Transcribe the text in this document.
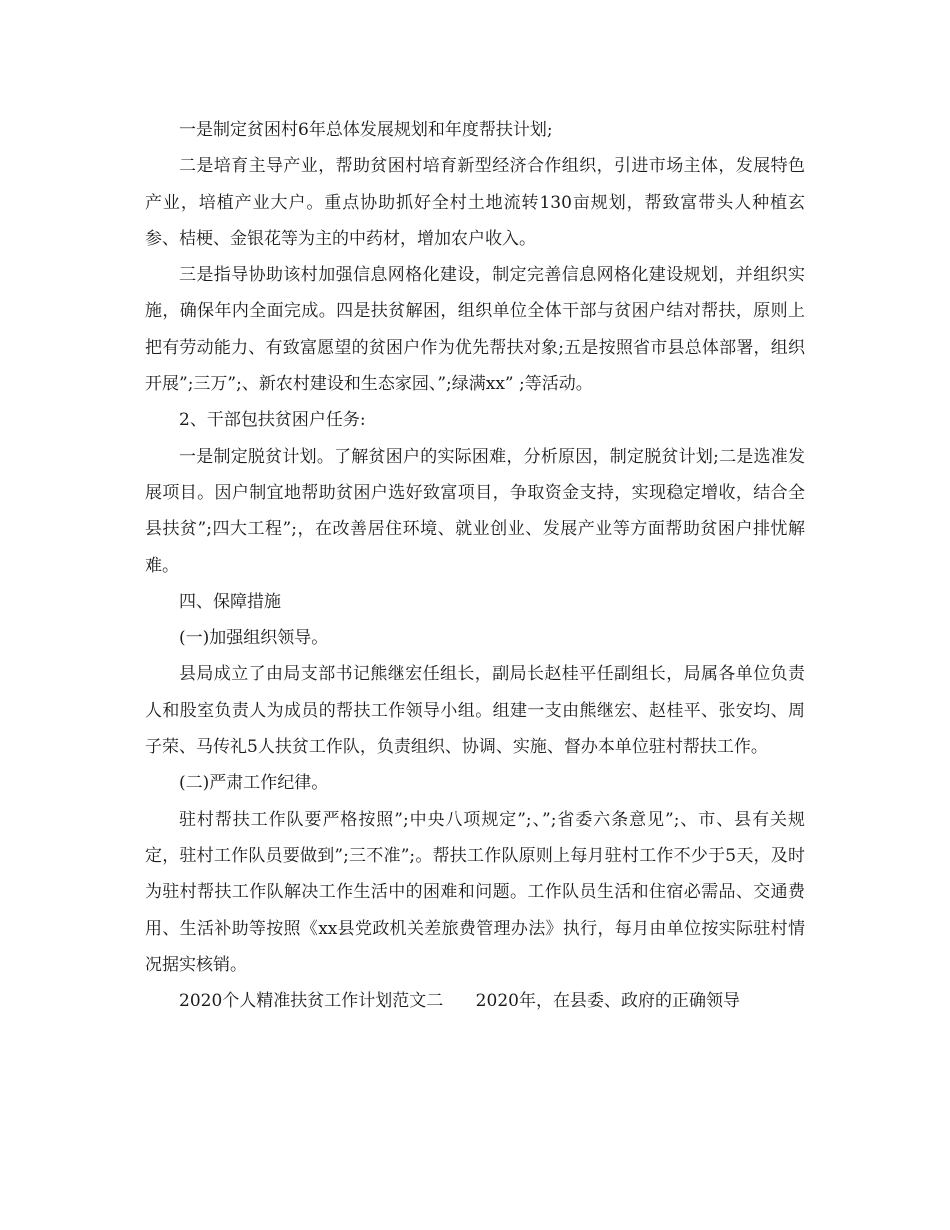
一是制定贫困村6年总体发展规划和年度帮扶计划;

二是培育主导产业，帮助贫困村培育新型经济合作组织，引进市场主体，发展特色产业，培植产业大户。重点协助抓好全村土地流转130亩规划，帮致富带头人种植玄参、桔梗、金银花等为主的中药材，增加农户收入。

三是指导协助该村加强信息网格化建设，制定完善信息网格化建设规划，并组织实施，确保年内全面完成。四是扶贫解困，组织单位全体干部与贫困户结对帮扶，原则上把有劳动能力、有致富愿望的贫困户作为优先帮扶对象;五是按照省市县总体部署，组织开展”;三万”;、新农村建设和生态家园、”;绿满xx” ;等活动。

2、干部包扶贫困户任务:

一是制定脱贫计划。了解贫困户的实际困难，分析原因，制定脱贫计划;二是选准发展项目。因户制宜地帮助贫困户选好致富项目，争取资金支持，实现稳定增收，结合全县扶贫”;四大工程”;，在改善居住环境、就业创业、发展产业等方面帮助贫困户排忧解难。

四、保障措施

(一)加强组织领导。

县局成立了由局支部书记熊继宏任组长，副局长赵桂平任副组长，局属各单位负责人和股室负责人为成员的帮扶工作领导小组。组建一支由熊继宏、赵桂平、张安均、周子荣、马传礼5人扶贫工作队，负责组织、协调、实施、督办本单位驻村帮扶工作。

(二)严肃工作纪律。

驻村帮扶工作队要严格按照”;中央八项规定”;、”;省委六条意见”;、市、县有关规定，驻村工作队员要做到”;三不准”;。帮扶工作队原则上每月驻村工作不少于5天，及时为驻村帮扶工作队解决工作生活中的困难和问题。工作队员生活和住宿必需品、交通费用、生活补助等按照《xx县党政机关差旅费管理办法》执行，每月由单位按实际驻村情况据实核销。

2020个人精准扶贫工作计划范文二      2020年，在县委、政府的正确领导
